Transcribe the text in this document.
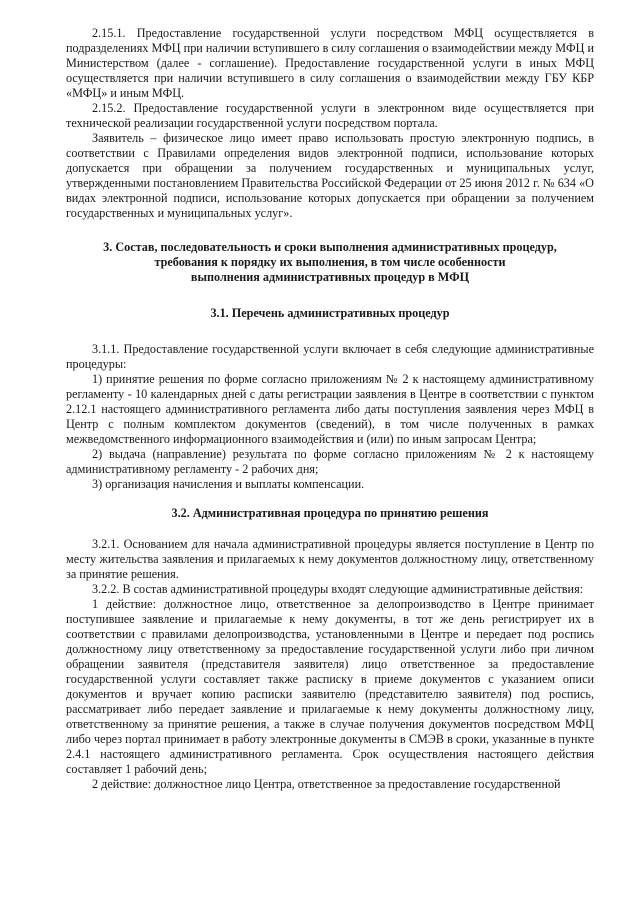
2.15.1. Предоставление государственной услуги посредством МФЦ осуществляется в подразделениях МФЦ при наличии вступившего в силу соглашения о взаимодействии между МФЦ и Министерством (далее - соглашение). Предоставление государственной услуги в иных МФЦ осуществляется при наличии вступившего в силу соглашения о взаимодействии между ГБУ КБР «МФЦ» и иным МФЦ.

2.15.2. Предоставление государственной услуги в электронном виде осуществляется при технической реализации государственной услуги посредством портала.

Заявитель – физическое лицо имеет право использовать простую электронную подпись, в соответствии с Правилами определения видов электронной подписи, использование которых допускается при обращении за получением государственных и муниципальных услуг, утвержденными постановлением Правительства Российской Федерации от 25 июня 2012 г. № 634 «О видах электронной подписи, использование которых допускается при обращении за получением государственных и муниципальных услуг».

3. Состав, последовательность и сроки выполнения административных процедур,

требования к порядку их выполнения, в том числе особенности

выполнения административных процедур в МФЦ

3.1. Перечень административных процедур

3.1.1. Предоставление государственной услуги включает в себя следующие административные процедуры:

1) принятие решения по форме согласно приложениям № 2 к настоящему административному регламенту - 10 календарных дней с даты регистрации заявления в Центре в соответствии с пунктом 2.12.1 настоящего административного регламента либо даты поступления заявления через МФЦ в Центр с полным комплектом документов (сведений), в том числе полученных в рамках межведомственного информационного взаимодействия и (или) по иным запросам Центра;

2) выдача (направление) результата по форме согласно приложениям № 2 к настоящему административному регламенту - 2 рабочих дня;

3) организация начисления и выплаты компенсации.

3.2. Административная процедура по принятию решения

3.2.1. Основанием для начала административной процедуры является поступление в Центр по месту жительства заявления и прилагаемых к нему документов должностному лицу, ответственному за принятие решения.

3.2.2. В состав административной процедуры входят следующие административные действия:

1 действие: должностное лицо, ответственное за делопроизводство в Центре принимает поступившее заявление и прилагаемые к нему документы, в тот же день регистрирует их в соответствии с правилами делопроизводства, установленными в Центре и передает под роспись должностному лицу ответственному за предоставление государственной услуги либо при личном обращении заявителя (представителя заявителя) лицо ответственное за предоставление государственной услуги составляет также расписку в приеме документов с указанием описи документов и вручает копию расписки заявителю (представителю заявителя) под роспись, рассматривает либо передает заявление и прилагаемые к нему документы должностному лицу, ответственному за принятие решения, а также в случае получения документов посредством МФЦ либо через портал принимает в работу электронные документы в СМЭВ в сроки, указанные в пункте 2.4.1 настоящего административного регламента. Срок осуществления настоящего действия составляет 1 рабочий день;

2 действие: должностное лицо Центра, ответственное за предоставление государственной
